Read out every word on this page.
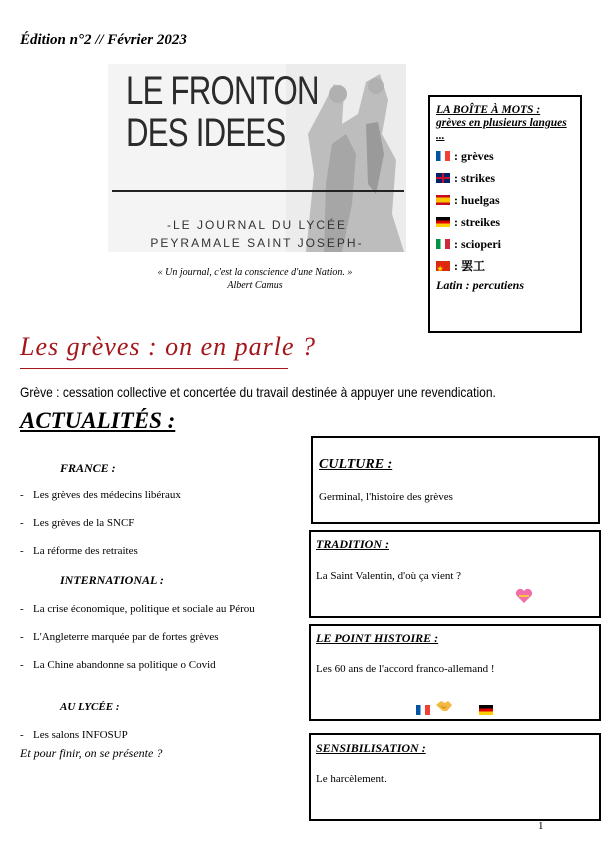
Édition n°2 // Février 2023
LE FRONTON DES IDEES
-LE JOURNAL DU LYCÉE
PEYRAMALE SAINT JOSEPH-
« Un journal, c'est la conscience d'une Nation. »
Albert Camus
LA BOÎTE À MOTS :
grèves en plusieurs langues ...
: grèves
: strikes
: huelgas
: streikes
: scioperi
★
: 罢工
Latin : percutiens
Les grèves : on en parle ?
Grève : cessation collective et concertée du travail destinée à appuyer une revendication.
ACTUALITÉS :
FRANCE :
- Les grèves des médecins libéraux
- Les grèves de la SNCF
- La réforme des retraites
INTERNATIONAL :
- La crise économique, politique et sociale au Pérou
- L'Angleterre marquée par de fortes grèves
- La Chine abandonne sa politique o Covid
AU LYCÉE :
- Les salons INFOSUP
Et pour finir, on se présente ?
CULTURE :
Germinal, l'histoire des grèves
TRADITION :
La Saint Valentin, d'où ça vient ?
LE POINT HISTOIRE :
Les 60 ans de l'accord franco-allemand !

SENSIBILISATION :
Le harcèlement.
1
